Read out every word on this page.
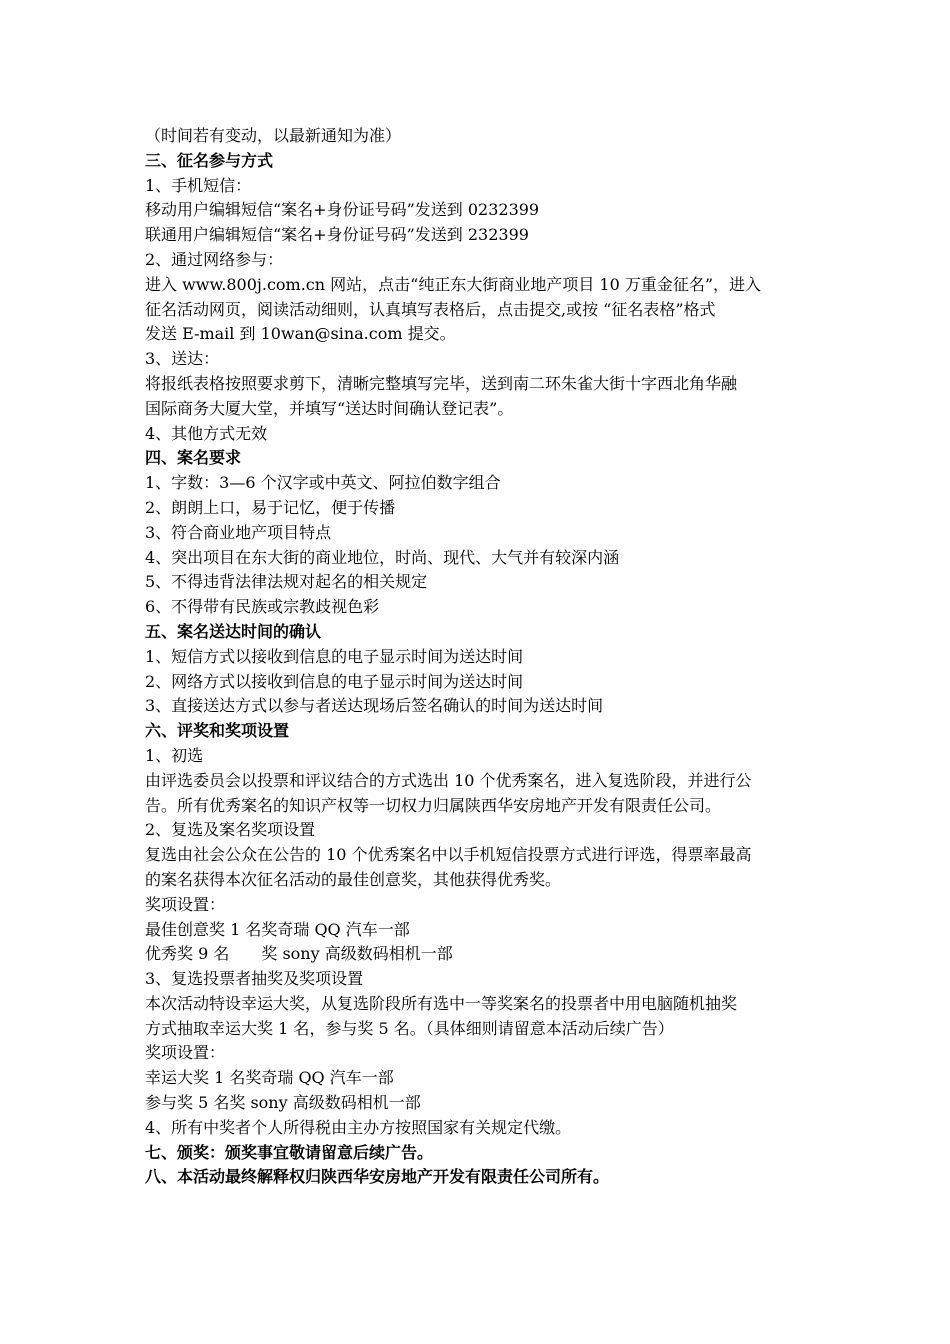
（时间若有变动，以最新通知为准）

三、征名参与方式

1、手机短信：

移动用户编辑短信“案名+身份证号码”发送到 0232399

联通用户编辑短信“案名+身份证号码”发送到 232399

2、通过网络参与：

进入 www.800j.com.cn 网站，点击“纯正东大街商业地产项目 10 万重金征名”，进入

征名活动网页，阅读活动细则，认真填写表格后，点击提交,或按 “征名表格”格式

发送 E-mail 到 10wan@sina.com 提交。

3、送达：

将报纸表格按照要求剪下，清晰完整填写完毕，送到南二环朱雀大街十字西北角华融

国际商务大厦大堂，并填写“送达时间确认登记表”。

4、其他方式无效

四、案名要求

1、字数：3—6 个汉字或中英文、阿拉伯数字组合

2、朗朗上口，易于记忆，便于传播

3、符合商业地产项目特点

4、突出项目在东大街的商业地位，时尚、现代、大气并有较深内涵

5、不得违背法律法规对起名的相关规定

6、不得带有民族或宗教歧视色彩

五、案名送达时间的确认

1、短信方式以接收到信息的电子显示时间为送达时间

2、网络方式以接收到信息的电子显示时间为送达时间

3、直接送达方式以参与者送达现场后签名确认的时间为送达时间

六、评奖和奖项设置

1、初选

由评选委员会以投票和评议结合的方式选出 10 个优秀案名，进入复选阶段，并进行公

告。所有优秀案名的知识产权等一切权力归属陕西华安房地产开发有限责任公司。

2、复选及案名奖项设置

复选由社会公众在公告的 10 个优秀案名中以手机短信投票方式进行评选，得票率最高

的案名获得本次征名活动的最佳创意奖，其他获得优秀奖。

奖项设置：

最佳创意奖 1 名奖奇瑞 QQ 汽车一部

优秀奖 9 名　　奖 sony 高级数码相机一部

3、复选投票者抽奖及奖项设置

本次活动特设幸运大奖，从复选阶段所有选中一等奖案名的投票者中用电脑随机抽奖

方式抽取幸运大奖 1 名，参与奖 5 名。（具体细则请留意本活动后续广告）

奖项设置：

幸运大奖 1 名奖奇瑞 QQ 汽车一部

参与奖 5 名奖 sony 高级数码相机一部

4、所有中奖者个人所得税由主办方按照国家有关规定代缴。

七、颁奖：颁奖事宜敬请留意后续广告。

八、本活动最终解释权归陕西华安房地产开发有限责任公司所有。
